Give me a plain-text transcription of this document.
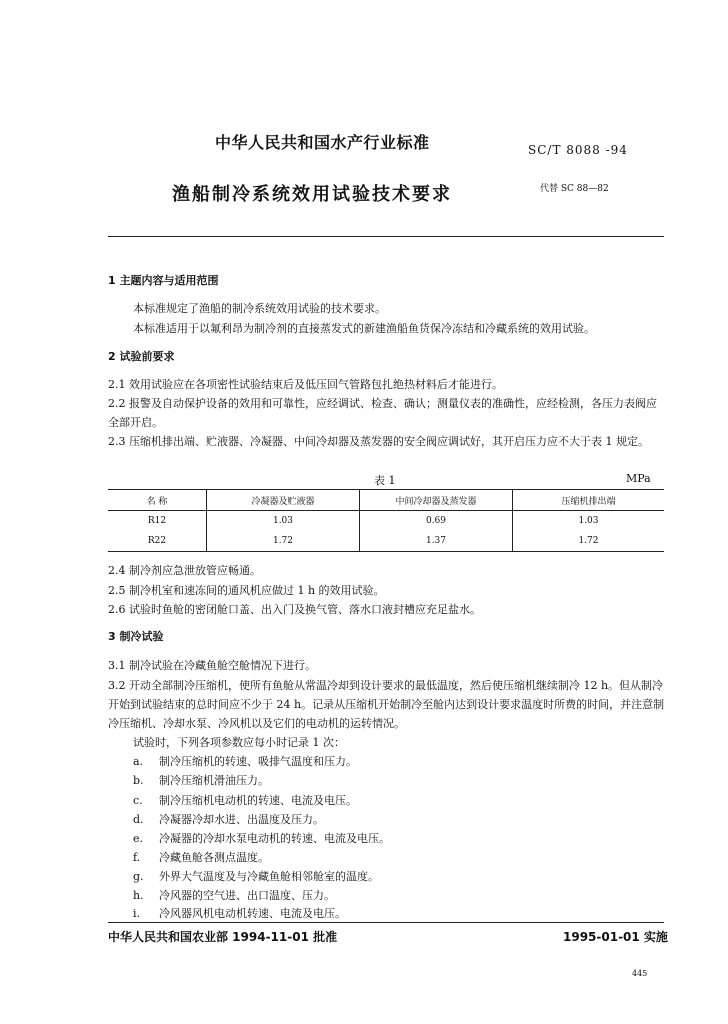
中华人民共和国水产行业标准	SC/T 8088 -94
渔船制冷系统效用试验技术要求	代替 SC 88—82
1 主题内容与适用范围
本标准规定了渔船的制冷系统效用试验的技术要求。
本标准适用于以氟利昂为制冷剂的直接蒸发式的新建渔船鱼货保冷冻结和冷藏系统的效用试验。
2 试验前要求
2.1 效用试验应在各项密性试验结束后及低压回气管路包扎绝热材料后才能进行。
2.2 报警及自动保护设备的效用和可靠性，应经调试、检查、确认；测量仪表的准确性，应经检测，各压力表阀应全部开启。
2.3 压缩机排出端、贮液器、冷凝器、中间冷却器及蒸发器的安全阀应调试好，其开启压力应不大于表 1 规定。
表 1	MPa
名 称	冷凝器及贮液器	中间冷却器及蒸发器	压缩机排出端
R12	1.03	0.69	1.03
R22	1.72	1.37	1.72
2.4 制冷剂应急泄放管应畅通。
2.5 制冷机室和速冻间的通风机应做过 1 h 的效用试验。
2.6 试验时鱼舱的密闭舱口盖、出入门及换气管、落水口液封槽应充足盐水。
3 制冷试验
3.1 制冷试验在冷藏鱼舱空舱情况下进行。
3.2 开动全部制冷压缩机，使所有鱼舱从常温冷却到设计要求的最低温度，然后使压缩机继续制冷 12 h。但从制冷开始到试验结束的总时间应不少于 24 h。记录从压缩机开始制冷至舱内达到设计要求温度时所费的时间，并注意制冷压缩机、冷却水泵、冷风机以及它们的电动机的运转情况。
试验时，下列各项参数应每小时记录 1 次：
a. 制冷压缩机的转速、吸排气温度和压力。
b. 制冷压缩机滑油压力。
c. 制冷压缩机电动机的转速、电流及电压。
d. 冷凝器冷却水进、出温度及压力。
e. 冷凝器的冷却水泵电动机的转速、电流及电压。
f. 冷藏鱼舱各测点温度。
g. 外界大气温度及与冷藏鱼舱相邻舱室的温度。
h. 冷风器的空气进、出口温度、压力。
i. 冷风器风机电动机转速、电流及电压。
中华人民共和国农业部 1994-11-01 批准	1995-01-01 实施
445
